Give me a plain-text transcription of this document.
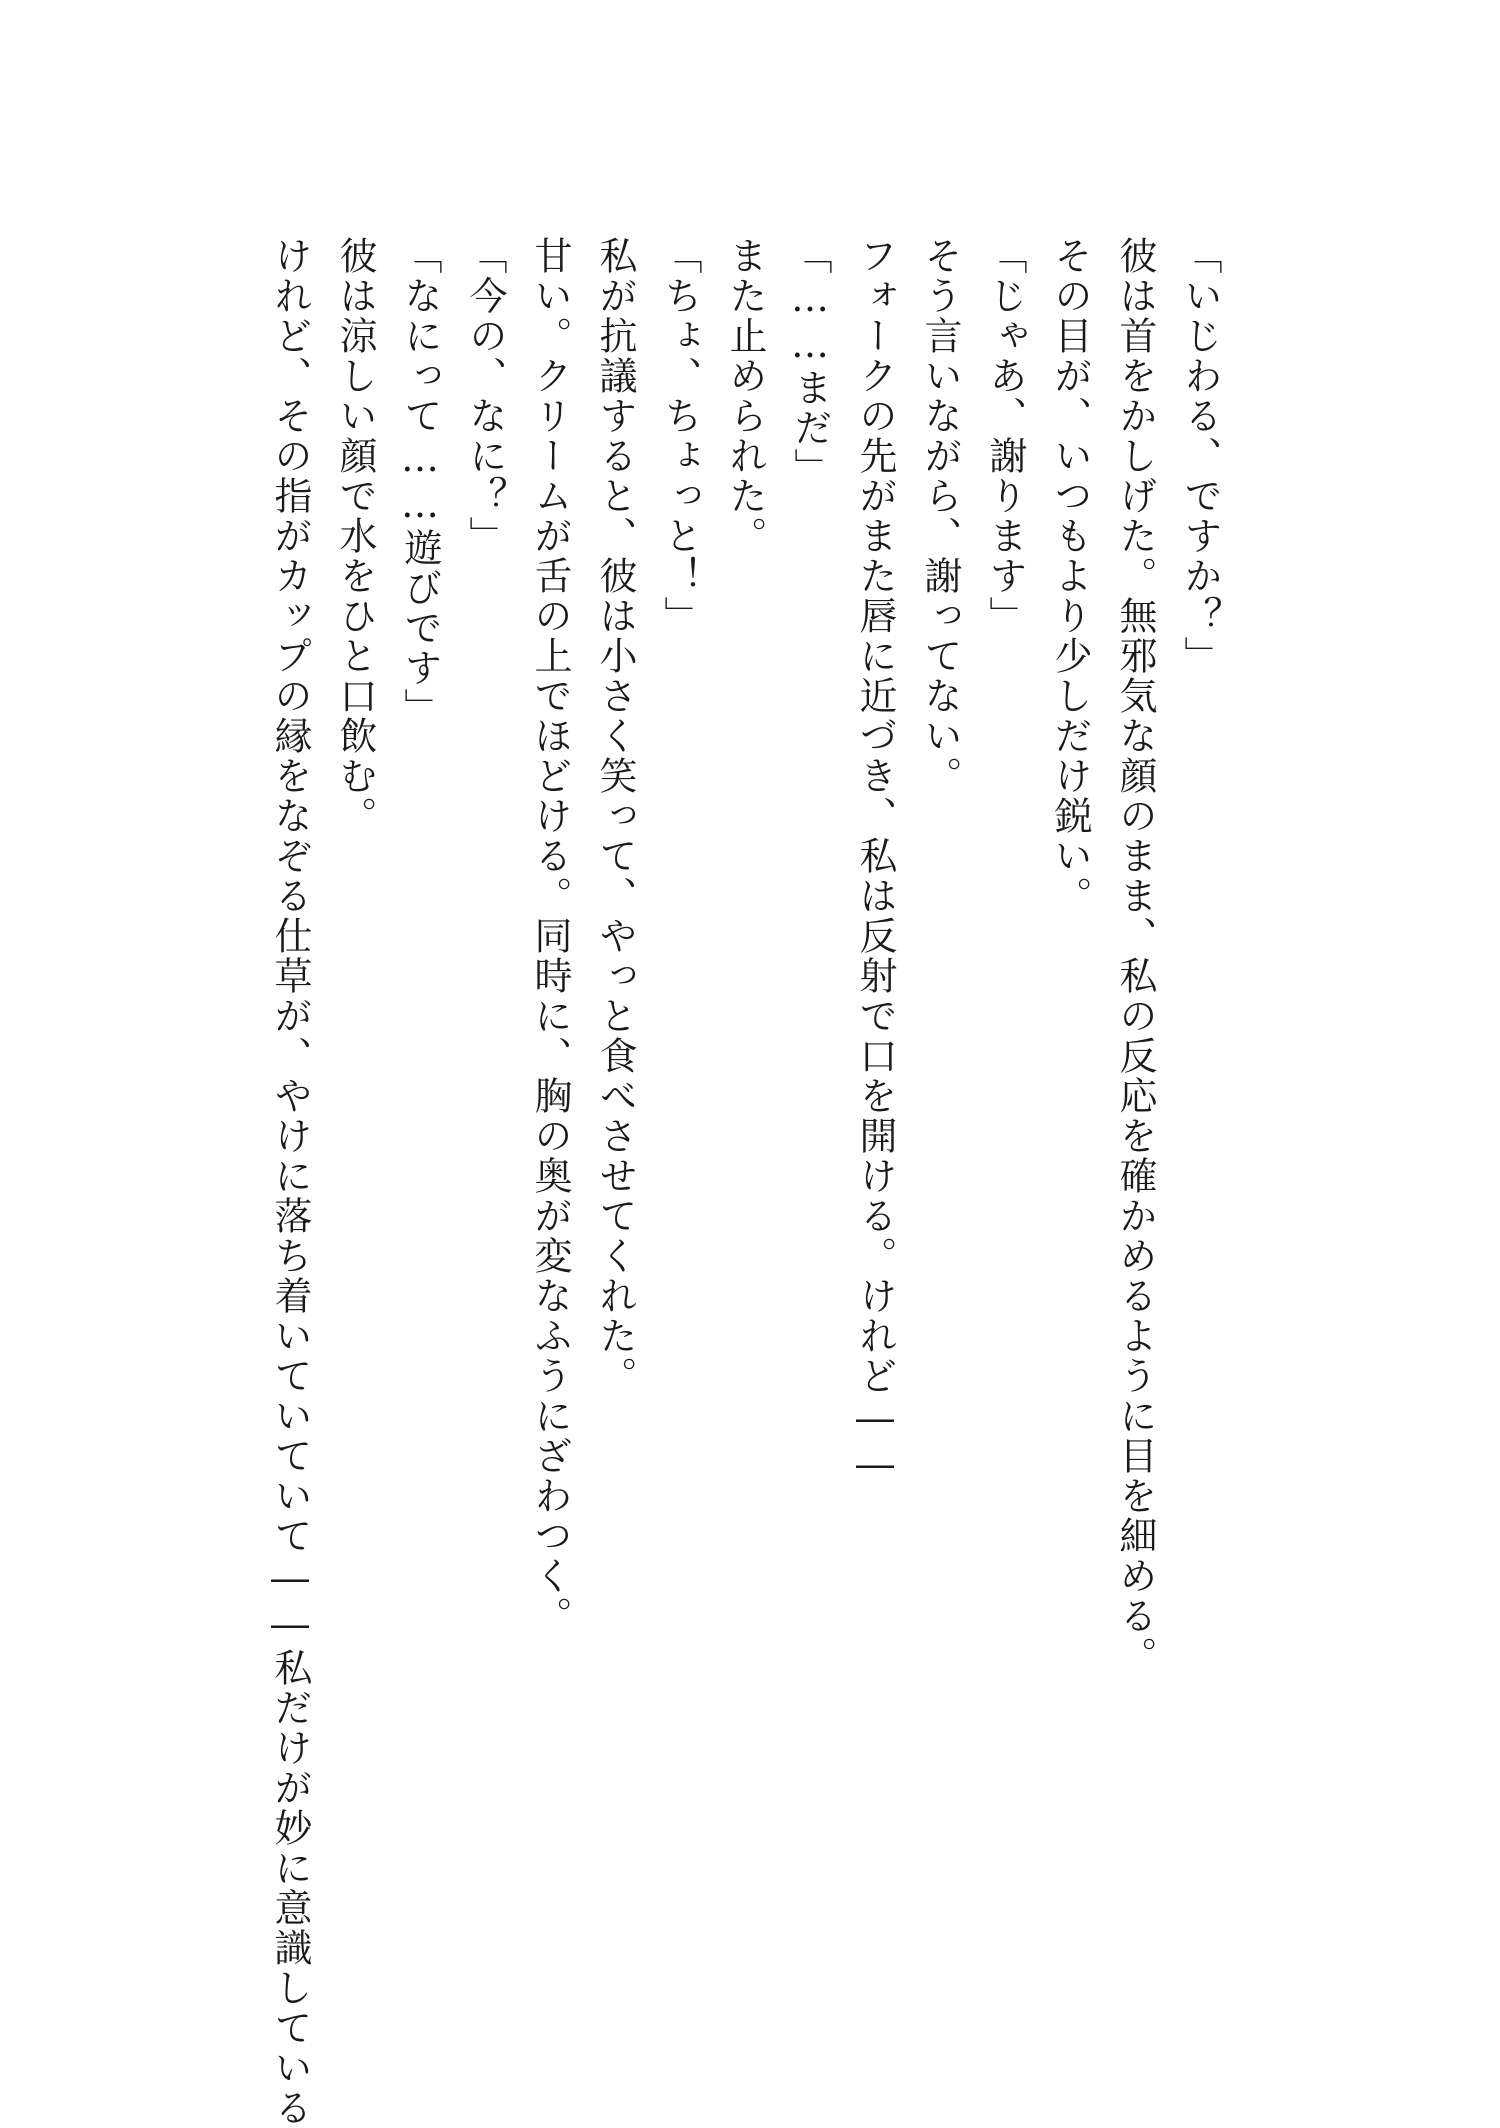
「いじわる、ですか？」

彼は首をかしげた。無邪気な顔のまま、私の反応を確かめるように目を細める。

その目が、いつもより少しだけ鋭い。

「じゃあ、謝ります」

そう言いながら、謝ってない。

フォークの先がまた唇に近づき、私は反射で口を開ける。けれど――

「……まだ」

また止められた。

「ちょ、ちょっと！」

私が抗議すると、彼は小さく笑って、やっと食べさせてくれた。

甘い。クリームが舌の上でほどける。同時に、胸の奥が変なふうにざわつく。

「今の、なに？」

「なにって……遊びです」

彼は涼しい顔で水をひと口飲む。

けれど、その指がカップの縁をなぞる仕草が、やけに落ち着いていていて――私だけが妙に意識している
